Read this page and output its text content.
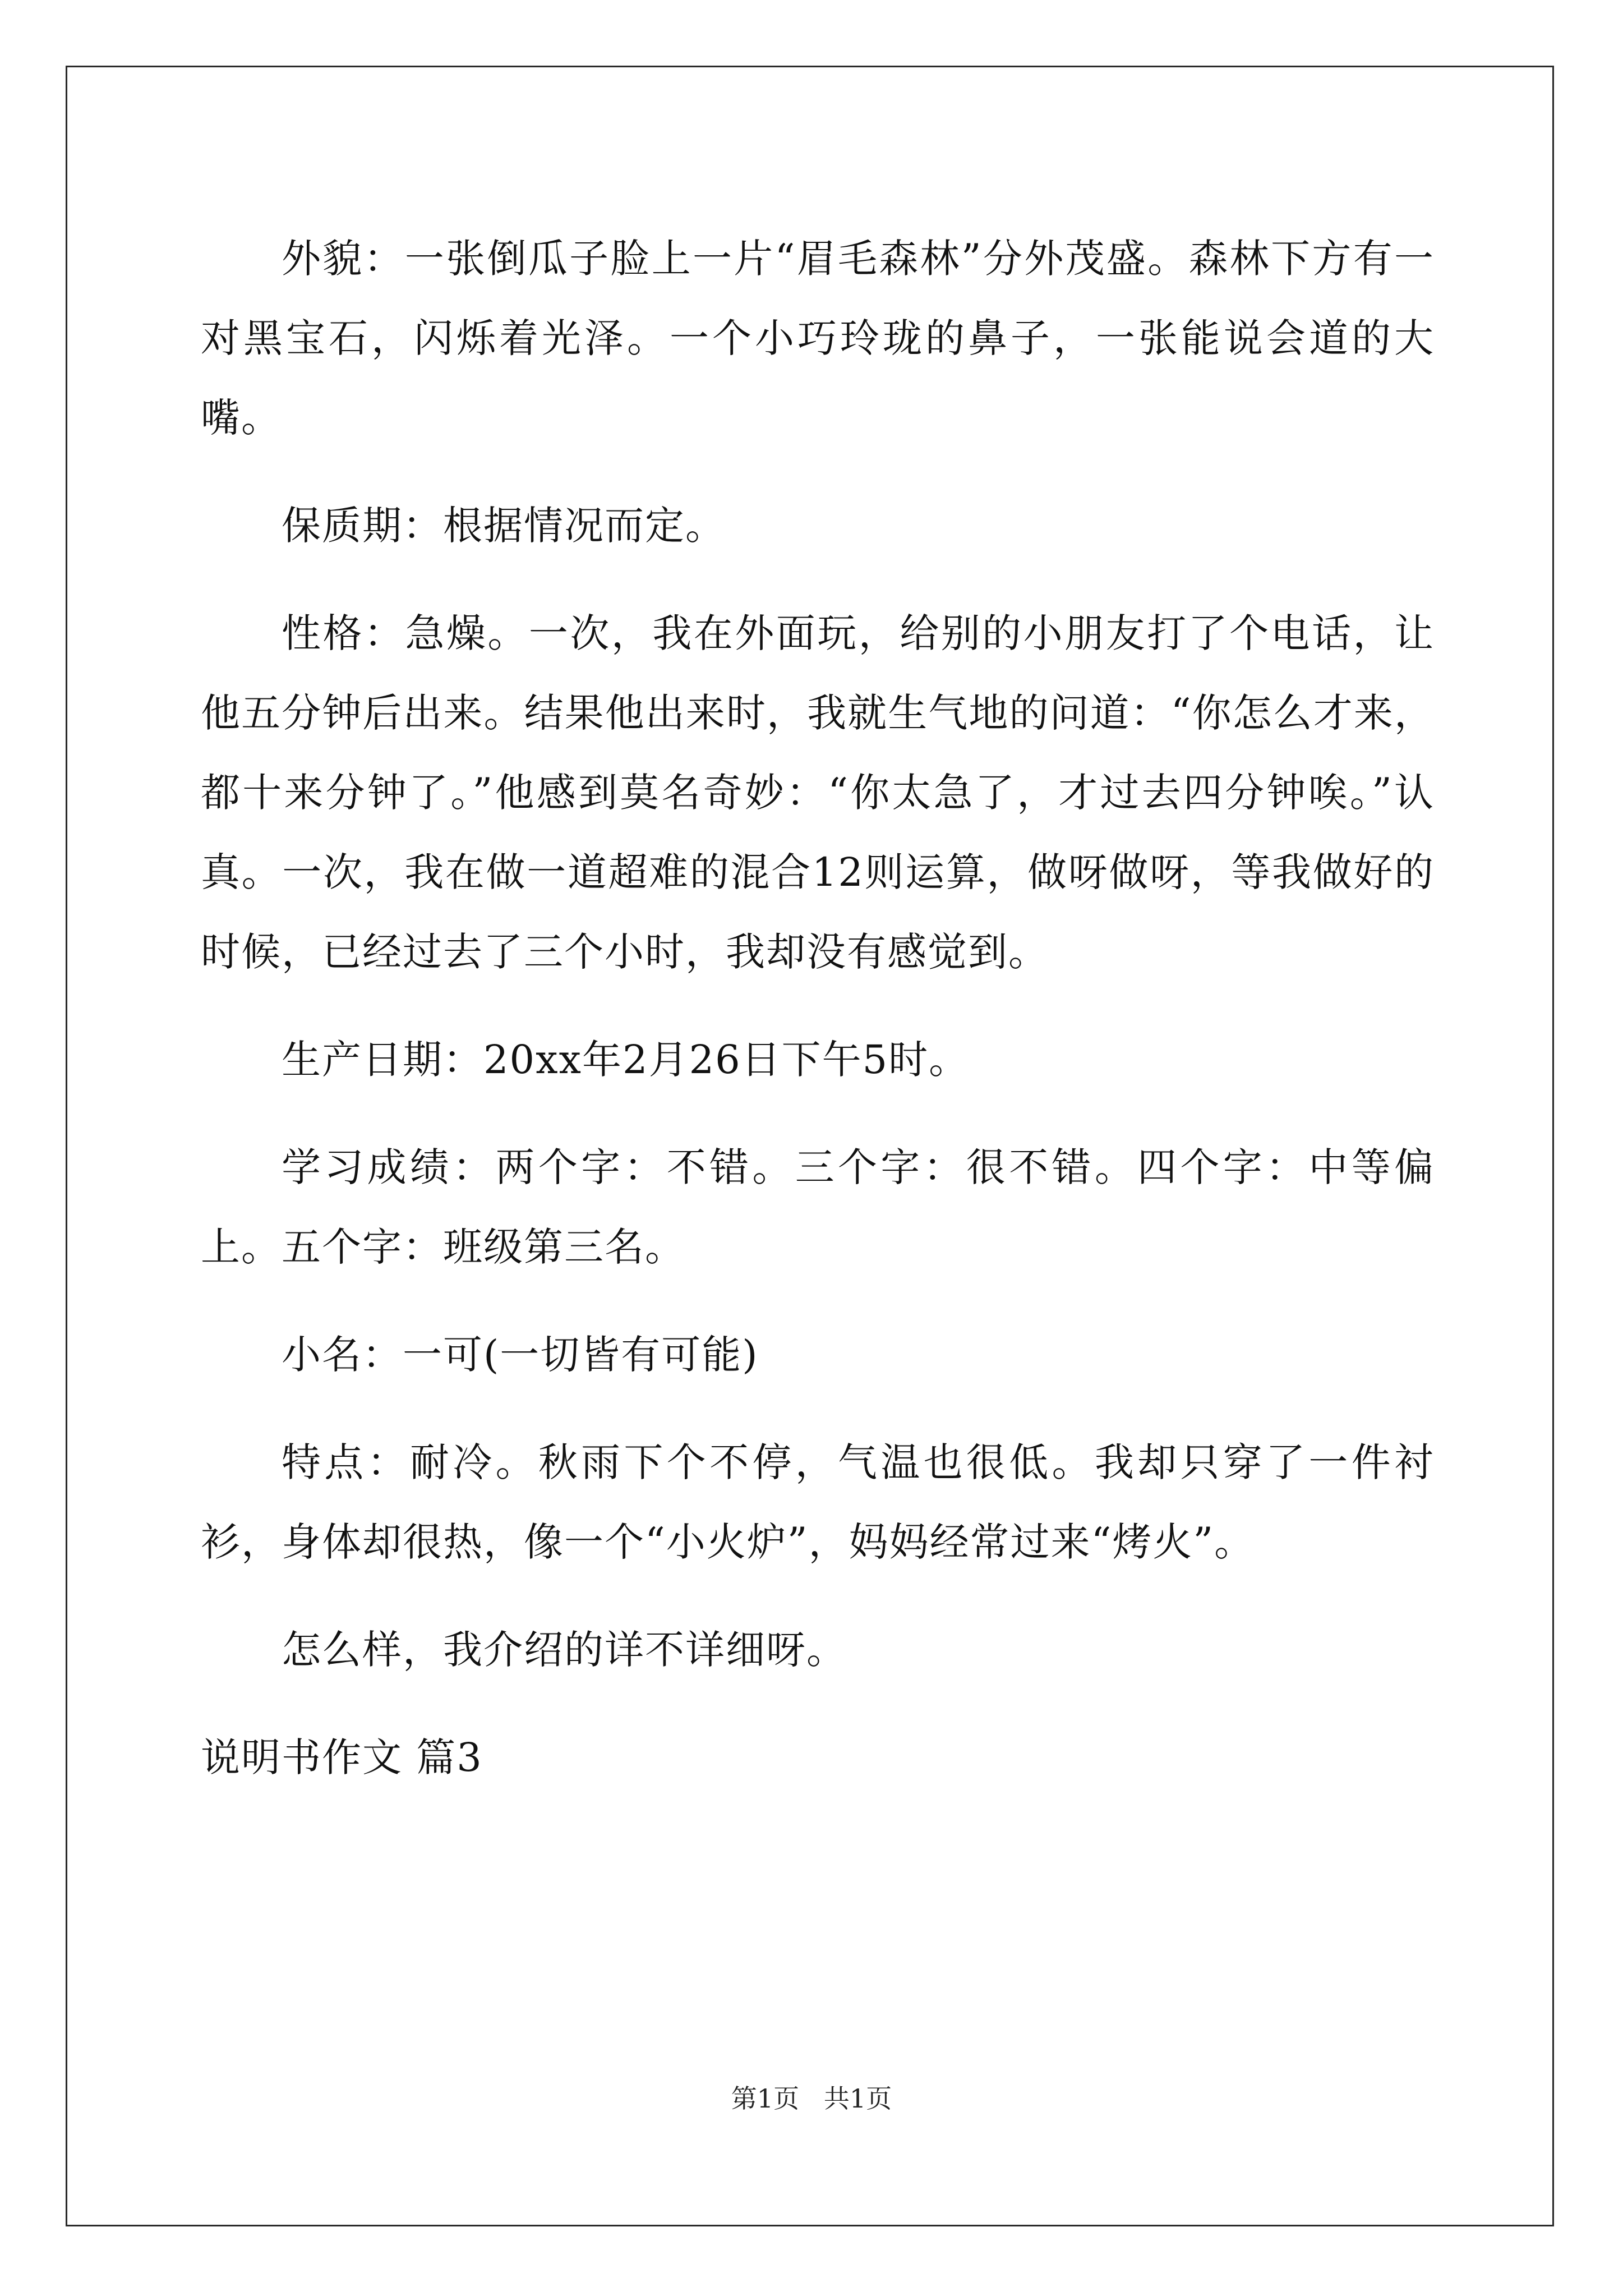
外貌：一张倒瓜子脸上一片“眉毛森林”分外茂盛。森林下方有一对黑宝石，闪烁着光泽。一个小巧玲珑的鼻子，一张能说会道的大嘴。

保质期：根据情况而定。

性格：急燥。一次，我在外面玩，给别的小朋友打了个电话，让他五分钟后出来。结果他出来时，我就生气地的问道：“你怎么才来，都十来分钟了。”他感到莫名奇妙：“你太急了，才过去四分钟唉。”认真。一次，我在做一道超难的混合12则运算，做呀做呀，等我做好的时候，已经过去了三个小时，我却没有感觉到。

生产日期：20xx年2月26日下午5时。

学习成绩：两个字：不错。三个字：很不错。四个字：中等偏上。五个字：班级第三名。

小名：一可(一切皆有可能)

特点：耐冷。秋雨下个不停，气温也很低。我却只穿了一件衬衫，身体却很热，像一个“小火炉”，妈妈经常过来“烤火”。

怎么样，我介绍的详不详细呀。

说明书作文 篇3

第1页   共1页
